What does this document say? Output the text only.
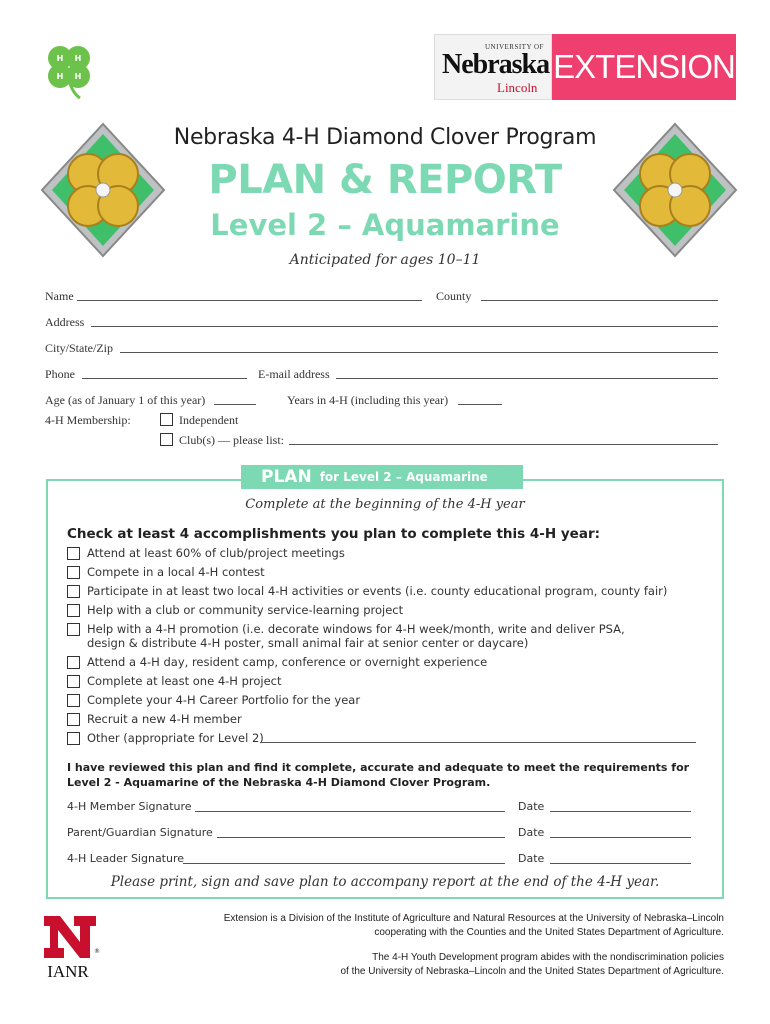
H H
H H
UNIVERSITY OF
Nebraska
Lincoln
EXTENSION
Nebraska 4-H Diamond Clover Program
PLAN & REPORT
Level 2 – Aquamarine
Anticipated for ages 10–11
Name	County
Address
City/State/Zip
Phone	E-mail address
Age (as of January 1 of this year)	Years in 4-H (including this year)
4-H Membership:	Independent
Club(s) — please list:
PLAN for Level 2 – Aquamarine
Complete at the beginning of the 4-H year
Check at least 4 accomplishments you plan to complete this 4-H year:
Attend at least 60% of club/project meetings
Compete in a local 4-H contest
Participate in at least two local 4-H activities or events (i.e. county educational program, county fair)
Help with a club or community service-learning project
Help with a 4-H promotion (i.e. decorate windows for 4-H week/month, write and deliver PSA,
design & distribute 4-H poster, small animal fair at senior center or daycare)
Attend a 4-H day, resident camp, conference or overnight experience
Complete at least one 4-H project
Complete your 4-H Career Portfolio for the year
Recruit a new 4-H member
Other (appropriate for Level 2)
I have reviewed this plan and find it complete, accurate and adequate to meet the requirements for Level 2 - Aquamarine of the Nebraska 4-H Diamond Clover Program.
4-H Member Signature	Date
Parent/Guardian Signature	Date
4-H Leader Signature	Date
Please print, sign and save plan to accompany report at the end of the 4-H year.
®
IANR
Extension is a Division of the Institute of Agriculture and Natural Resources at the University of Nebraska–Lincoln
cooperating with the Counties and the United States Department of Agriculture.
The 4-H Youth Development program abides with the nondiscrimination policies
of the University of Nebraska–Lincoln and the United States Department of Agriculture.
